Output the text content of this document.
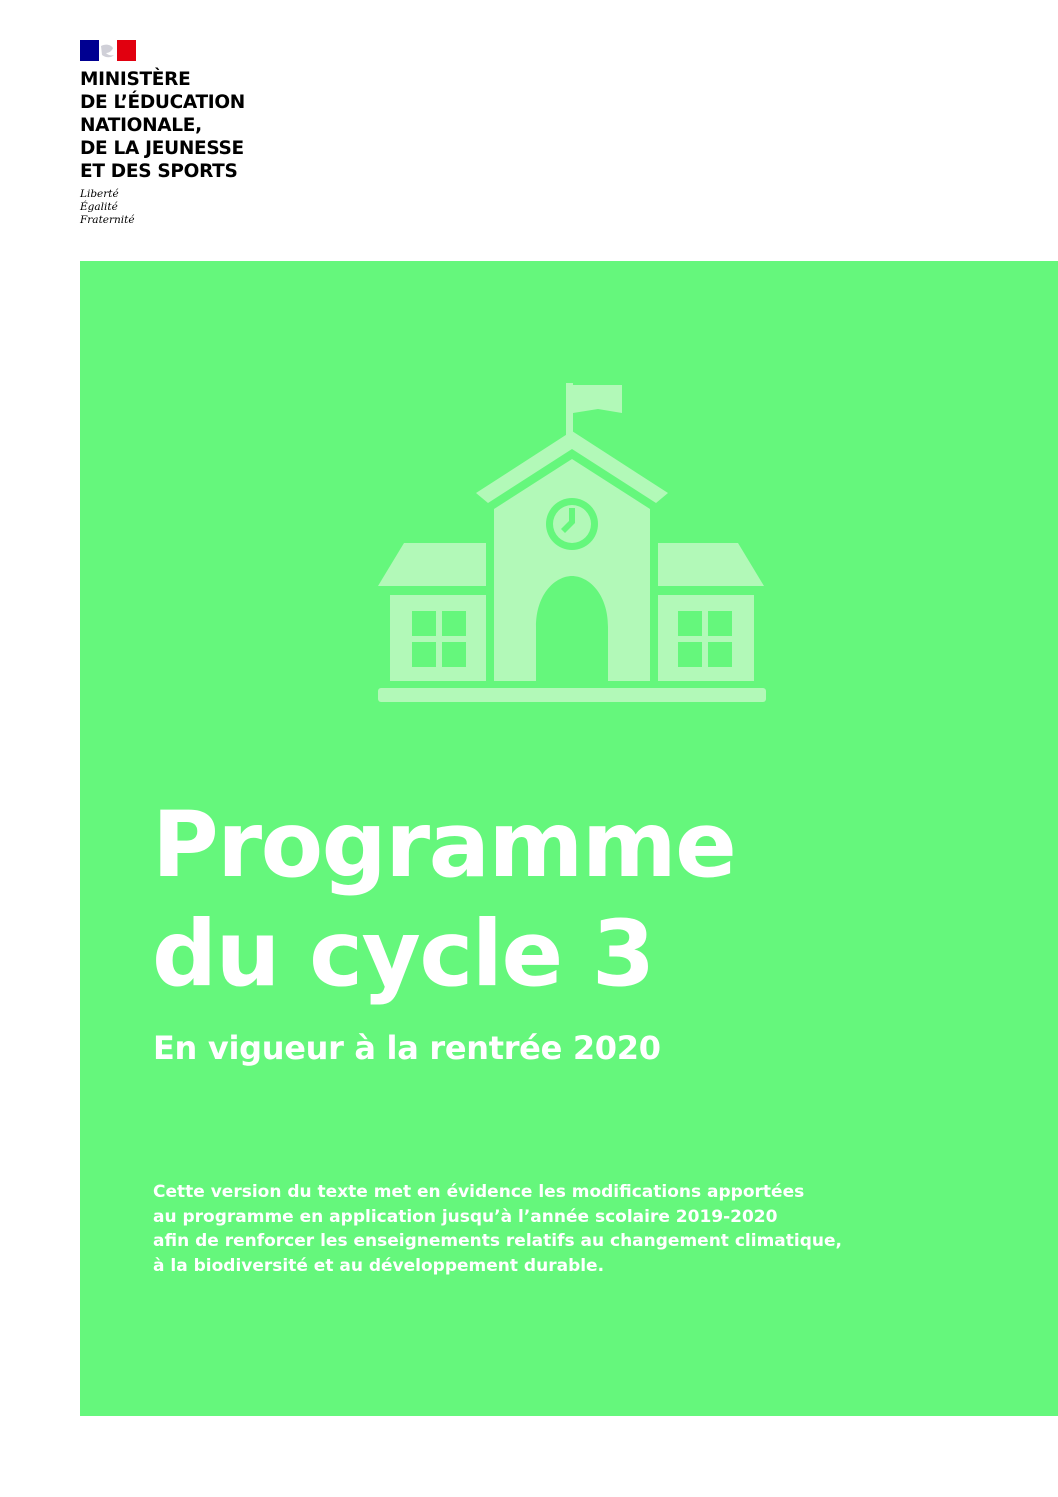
MINISTÈRE
DE L’ÉDUCATION
NATIONALE,
DE LA JEUNESSE
ET DES SPORTS
Liberté
Égalité
Fraternité
Programme
du cycle 3
En vigueur à la rentrée 2020
Cette version du texte met en évidence les modifications apportées
au programme en application jusqu’à l’année scolaire 2019-2020
afin de renforcer les enseignements relatifs au changement climatique,
à la biodiversité et au développement durable.
